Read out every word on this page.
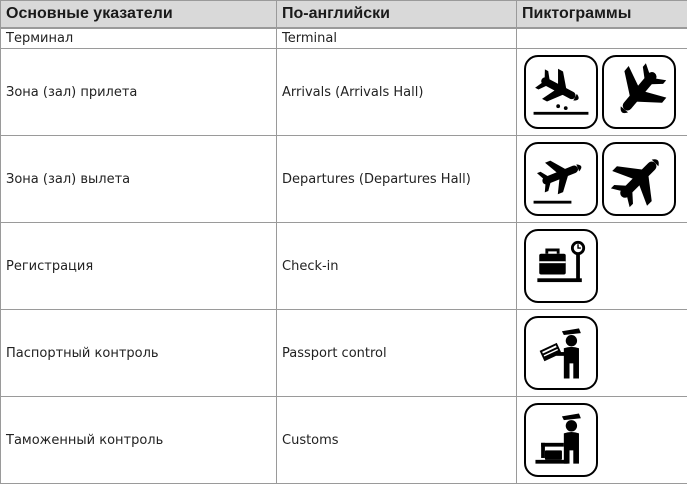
Основные указатели	По-английски	Пиктограммы
Терминал	Terminal	
Зона (зал) прилета	Arrivals (Arrivals Hall)	

Зона (зал) вылета	Departures (Departures Hall)	

Регистрация	Check-in	

Паспортный контроль	Passport control	

Таможенный контроль	Customs	
